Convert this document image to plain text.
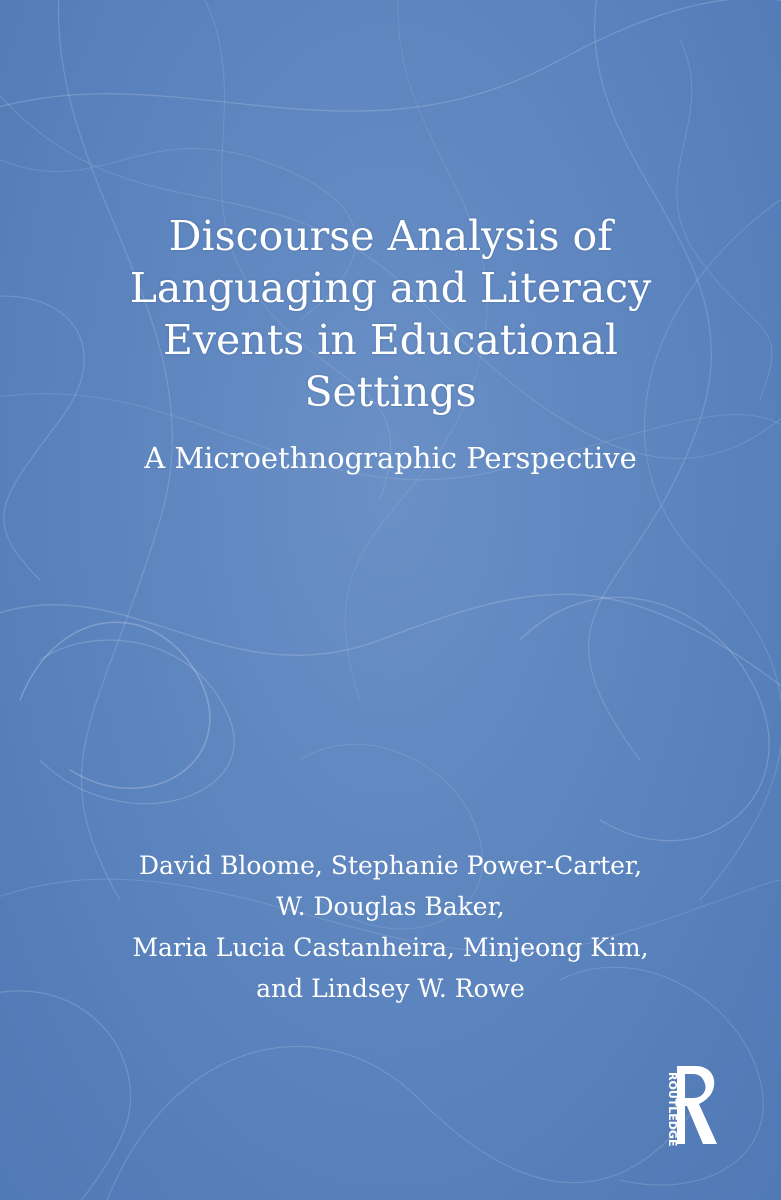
Discourse Analysis of
Languaging and Literacy
Events in Educational
Settings
A Microethnographic Perspective
David Bloome, Stephanie Power-Carter,
W. Douglas Baker,
Maria Lucia Castanheira, Minjeong Kim,
and Lindsey W. Rowe
ROUTLEDGE
